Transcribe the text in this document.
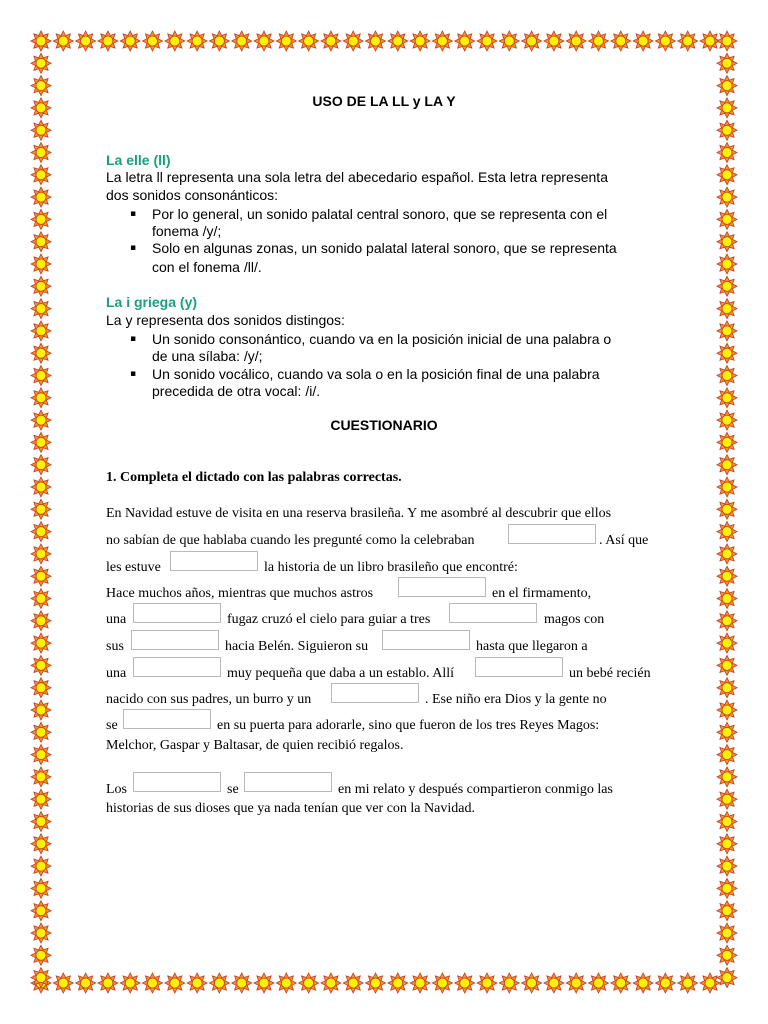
USO DE LA LL y LA Y
La elle (ll)
La letra ll representa una sola letra del abecedario español. Esta letra representa
dos sonidos consonánticos:
▪ Por lo general, un sonido palatal central sonoro, que se representa con el
fonema /y/;
▪ Solo en algunas zonas, un sonido palatal lateral sonoro, que se representa
con el fonema /ll/.
La i griega (y)
La y representa dos sonidos distingos:
▪ Un sonido consonántico, cuando va en la posición inicial de una palabra o
de una sílaba: /y/;
▪ Un sonido vocálico, cuando va sola o en la posición final de una palabra
precedida de otra vocal: /i/.
CUESTIONARIO
1. Completa el dictado con las palabras correctas.
En Navidad estuve de visita en una reserva brasileña. Y me asombré al descubrir que ellos
no sabían de que hablaba cuando les pregunté como la celebraban	. Así que
les estuve	la historia de un libro brasileño que encontré:
Hace muchos años, mientras que muchos astros	en el firmamento,
una	fugaz cruzó el cielo para guiar a tres	magos con
sus	hacia Belén. Siguieron su	hasta que llegaron a
una	muy pequeña que daba a un establo. Allí	un bebé recién
nacido con sus padres, un burro y un	. Ese niño era Dios y la gente no
se	en su puerta para adorarle, sino que fueron de los tres Reyes Magos:
Melchor, Gaspar y Baltasar, de quien recibió regalos.
Los	se	en mi relato y después compartieron conmigo las
historias de sus dioses que ya nada tenían que ver con la Navidad.
